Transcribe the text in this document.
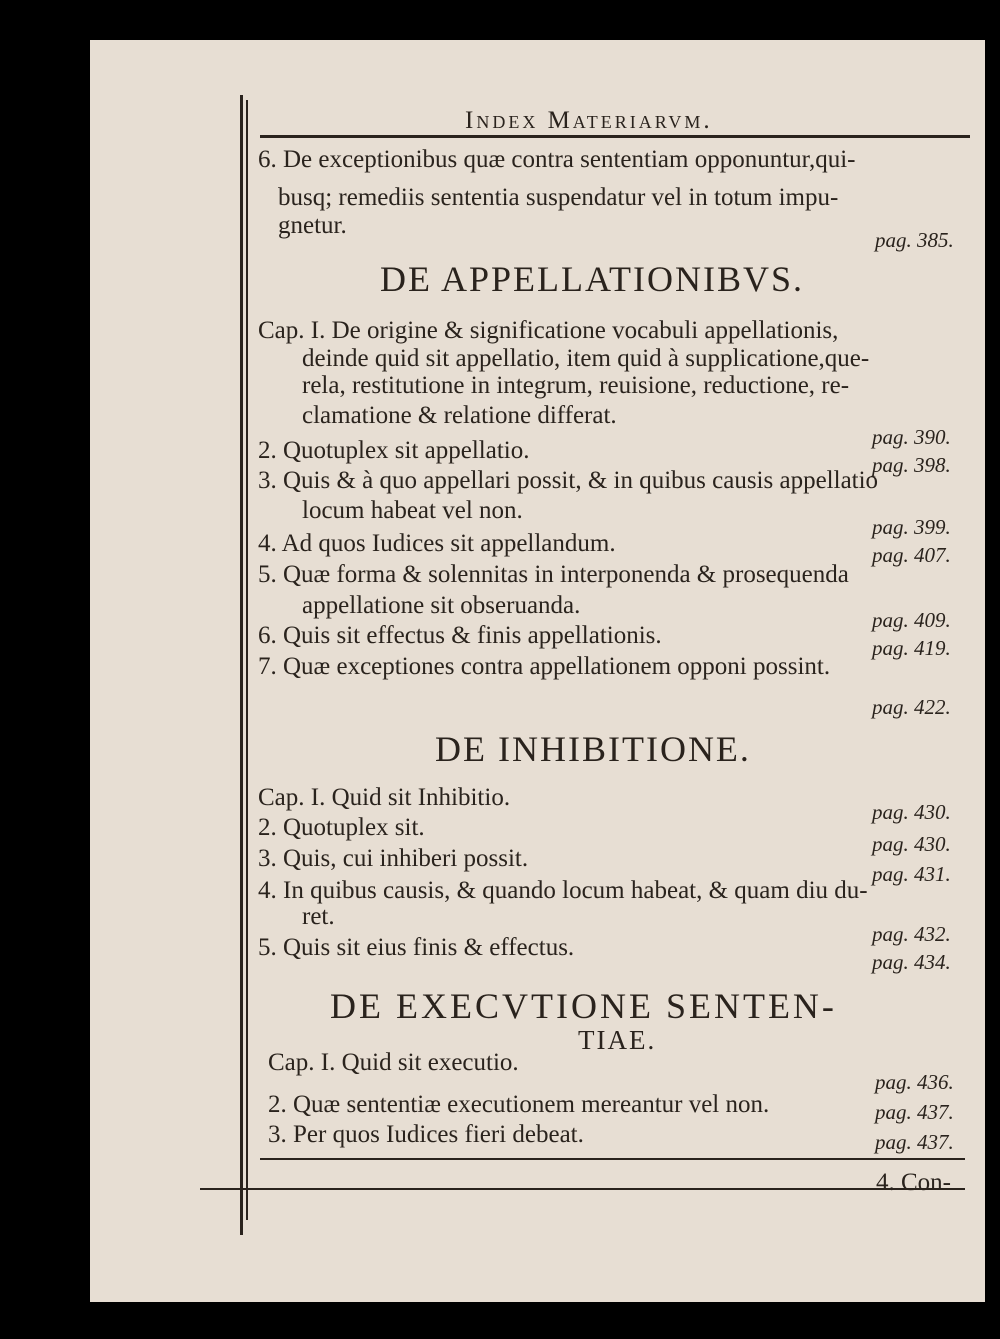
Index Materiarvm.
6. De exceptionibus quæ contra sententiam opponuntur,qui-
busq; remediis sententia suspendatur vel in totum impu-
gnetur.
pag. 385.
DE APPELLATIONIBVS.
Cap. I. De origine & significatione vocabuli appellationis,
deinde quid sit appellatio, item quid à supplicatione,que-
rela, restitutione in integrum, reuisione, reductione, re-
clamatione & relatione differat.
pag. 390.
2. Quotuplex sit appellatio.
pag. 398.
3. Quis & à quo appellari possit, & in quibus causis appellatio
locum habeat vel non.
pag. 399.
4. Ad quos Iudices sit appellandum.	pag. 407.
5. Quæ forma & solennitas in interponenda & prosequenda
appellatione sit obseruanda.
pag. 409.
6. Quis sit effectus & finis appellationis.	pag. 419.
7. Quæ exceptiones contra appellationem opponi possint.
pag. 422.
DE INHIBITIONE.
Cap. I. Quid sit Inhibitio.
pag. 430.
2. Quotuplex sit.
pag. 430.
3. Quis, cui inhiberi possit.
pag. 431.
4. In quibus causis, & quando locum habeat, & quam diu du-
ret.
pag. 432.
5. Quis sit eius finis & effectus.
pag. 434.
DE EXECVTIONE SENTEN-
TIAE.
Cap. I. Quid sit executio.
pag. 436.
2. Quæ sententiæ executionem mereantur vel non.	pag. 437.
3. Per quos Iudices fieri debeat.	pag. 437.
4. Con-
